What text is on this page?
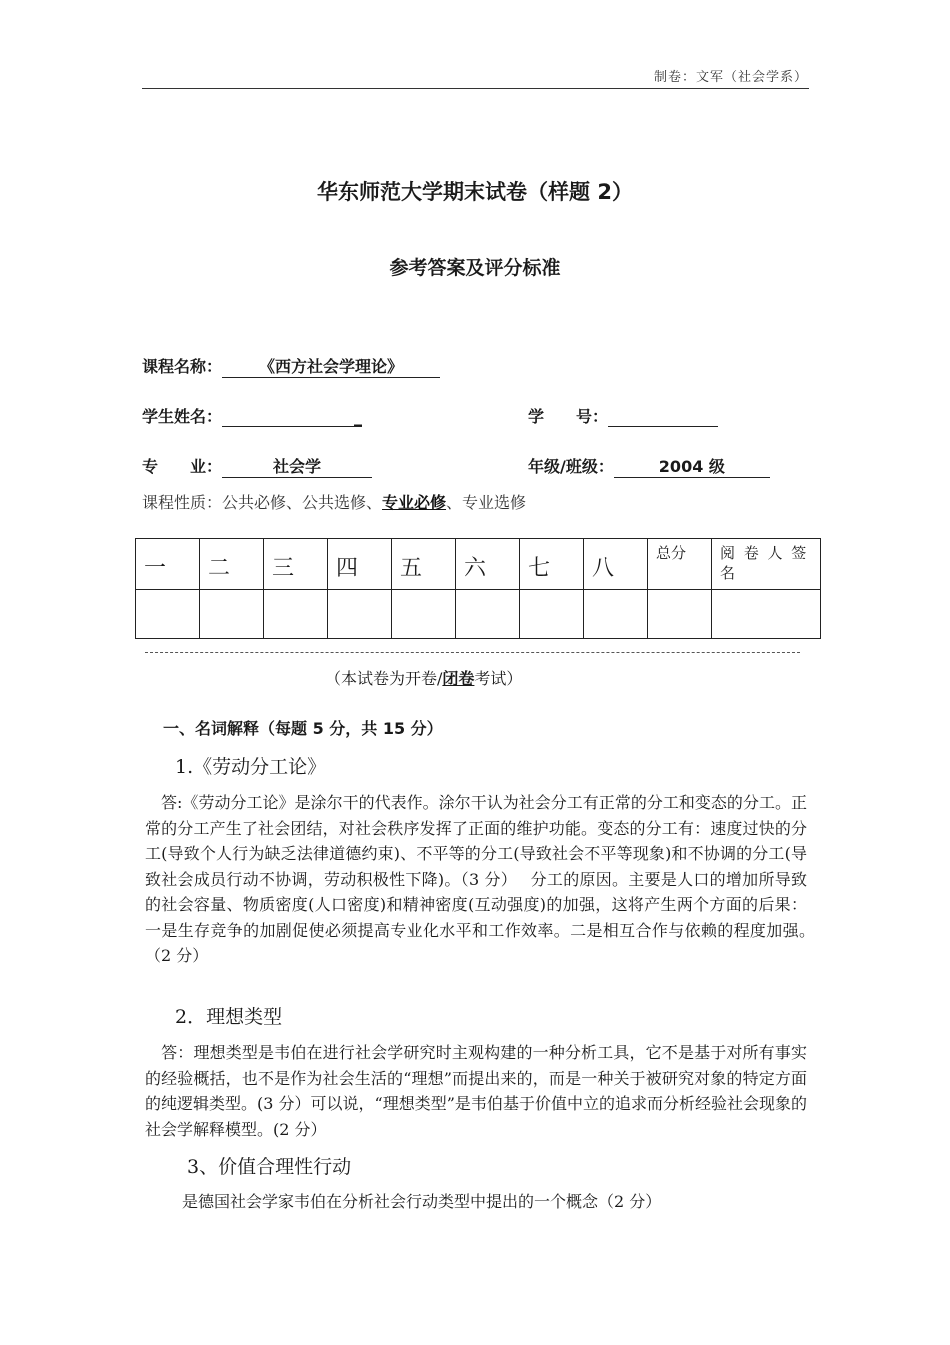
制卷：文军（社会学系）
华东师范大学期末试卷（样题 2）
参考答案及评分标准
课程名称： 《西方社会学理论》
学生姓名：	_	学　　号：
专　　业：	社会学	年级/班级：	2004 级
课程性质：公共必修、公共选修、专业必修、专业选修
一	二	三	四	五	六	七	八	总分	阅 卷 人 签 名

（本试卷为开卷/闭卷考试）
一、名词解释（每题 5 分，共 15 分）
1.《劳动分工论》
　答:《劳动分工论》是涂尔干的代表作。涂尔干认为社会分工有正常的分工和变态的分工。正常的分工产生了社会团结，对社会秩序发挥了正面的维护功能。变态的分工有：速度过快的分工(导致个人行为缺乏法律道德约束)、不平等的分工(导致社会不平等现象)和不协调的分工(导致社会成员行动不协调，劳动积极性下降)。（3 分）　 分工的原因。主要是人口的增加所导致的社会容量、物质密度(人口密度)和精神密度(互动强度)的加强，这将产生两个方面的后果：一是生存竞争的加剧促使必须提高专业化水平和工作效率。二是相互合作与依赖的程度加强。　（2 分）
2．理想类型
　答：理想类型是韦伯在进行社会学研究时主观构建的一种分析工具，它不是基于对所有事实的经验概括，也不是作为社会生活的“理想”而提出来的，而是一种关于被研究对象的特定方面的纯逻辑类型。(3 分）可以说，“理想类型”是韦伯基于价值中立的追求而分析经验社会现象的社会学解释模型。(2 分）
3、价值合理性行动
是德国社会学家韦伯在分析社会行动类型中提出的一个概念（2 分）
